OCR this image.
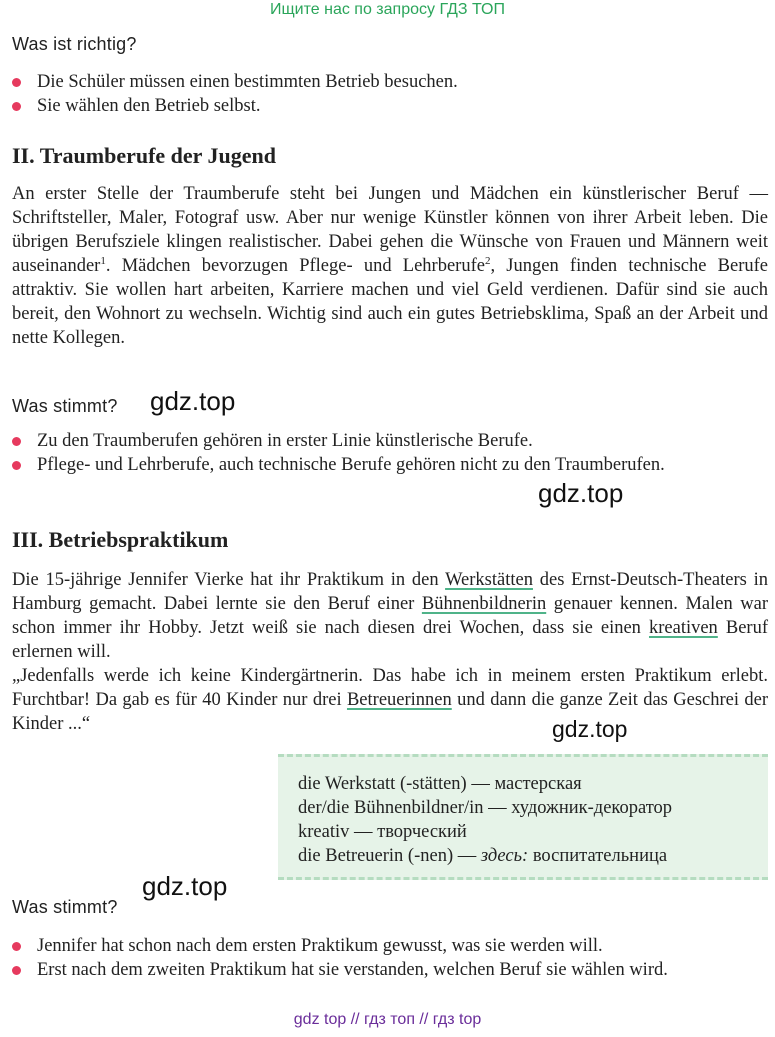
Ищите нас по запросу ГДЗ ТОП
Was ist richtig?
Die Schüler müssen einen bestimmten Betrieb besuchen.
Sie wählen den Betrieb selbst.
II. Traumberufe der Jugend
An erster Stelle der Traumberufe steht bei Jungen und Mädchen ein künstlerischer Beruf — Schriftsteller, Maler, Fotograf usw. Aber nur wenige Künstler können von ihrer Arbeit leben. Die übrigen Berufsziele klingen realistischer. Dabei gehen die Wünsche von Frauen und Männern weit auseinander$^1$. Mädchen bevorzugen Pflege- und Lehrberufe$^2$, Jungen finden technische Berufe attraktiv. Sie wollen hart arbeiten, Karriere machen und viel Geld verdienen. Dafür sind sie auch bereit, den Wohnort zu wechseln. Wichtig sind auch ein gutes Betriebsklima, Spaß an der Arbeit und nette Kollegen.
Was stimmt? gdz.top
Zu den Traumberufen gehören in erster Linie künstlerische Berufe.
Pflege- und Lehrberufe, auch technische Berufe gehören nicht zu den Traumberufen.
gdz.top
III. Betriebspraktikum
Die 15-jährige Jennifer Vierke hat ihr Praktikum in den Werkstätten des Ernst-Deutsch-Theaters in Hamburg gemacht. Dabei lernte sie den Beruf einer Bühnenbildnerin genauer kennen. Malen war schon immer ihr Hobby. Jetzt weiß sie nach diesen drei Wochen, dass sie einen kreativen Beruf erlernen will.
„Jedenfalls werde ich keine Kindergärtnerin. Das habe ich in meinem ersten Praktikum erlebt. Furchtbar! Da gab es für 40 Kinder nur drei Betreuerinnen und dann die ganze Zeit das Geschrei der Kinder ...“	gdz.top
die Werkstatt (-stätten) — мастерская
der/die Bühnenbildner/in — художник-декоратор
kreativ — творческий
die Betreuerin (-nen) — здесь: воспитательница
gdz.top
Was stimmt?
Jennifer hat schon nach dem ersten Praktikum gewusst, was sie werden will.
Erst nach dem zweiten Praktikum hat sie verstanden, welchen Beruf sie wählen wird.
gdz top // гдз топ // гдз top
